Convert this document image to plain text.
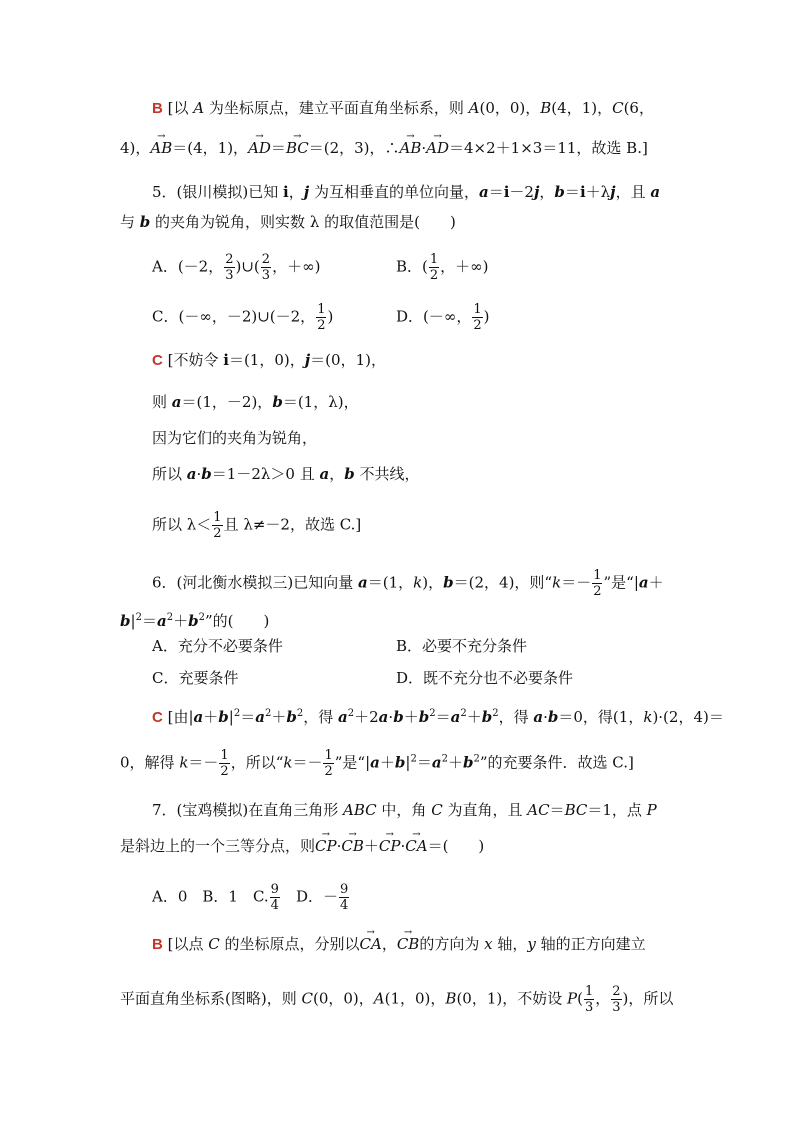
B [以 A 为坐标原点，建立平面直角坐标系，则 A(0，0)，B(4，1)，C(6，
4)，→ AB＝(4，1)，→ AD＝→ BC＝(2，3)，∴→ AB·→ AD＝4×2＋1×3＝11，故选 B.]
5．(银川模拟)已知 i，j 为互相垂直的单位向量，a＝i－2j，b＝i＋λj，且 a
与 b 的夹角为锐角，则实数 λ 的取值范围是(　　)
A．(－2， $\frac{2}{3}$ )∪( $\frac{2}{3}$ ，＋∞)	B．( $\frac{1}{2}$ ，＋∞)
C．(－∞，－2)∪(－2， $\frac{1}{2}$ )	D．(－∞， $\frac{1}{2}$ )
C [不妨令 i＝(1，0)，j＝(0，1)，
则 a＝(1，－2)，b＝(1，λ)，
因为它们的夹角为锐角，
所以 a·b＝1－2λ＞0 且 a，b 不共线，
所以 $\lambda< \frac{1}{2}$ 且 λ≠－2，故选 C.]
6．(河北衡水模拟三)已知向量 a＝(1，k)，b＝(2，4)，则“$k=- \frac{1}{2}$ ”是“|a＋
$b|^2=a^2+b^2$”的(　　)
A．充分不必要条件	B．必要不充分条件
C．充要条件	D．既不充分也不必要条件
C [由$|a+b|^2=a^2+b^2$，得 $a^2+2a\cdot b+b^2=a^2+b^2$，得 a·b＝0，得(1，k)·(2，4)＝
0，解得 $k=- \frac{1}{2}$ ，所以“$k=- \frac{1}{2}$ ”是“$|a+b|^2=a^2+b^2$”的充要条件．故选 C.]
7．(宝鸡模拟)在直角三角形 ABC 中，角 C 为直角，且 AC＝BC＝1，点 P
是斜边上的一个三等分点，则→ CP·→ CB＋→ CP·→ CA＝(　　)
A．0　B．1　C. $\frac{9}{4}$ 　D．－ $\frac{9}{4}$
B [以点 C 的坐标原点，分别以→ CA，→ CB的方向为 x 轴，y 轴的正方向建立
平面直角坐标系(图略)，则 C(0，0)，A(1，0)，B(0，1)，不妨设 $P( \frac{1}{3}$ ， $\frac{2}{3}$ )，所以
